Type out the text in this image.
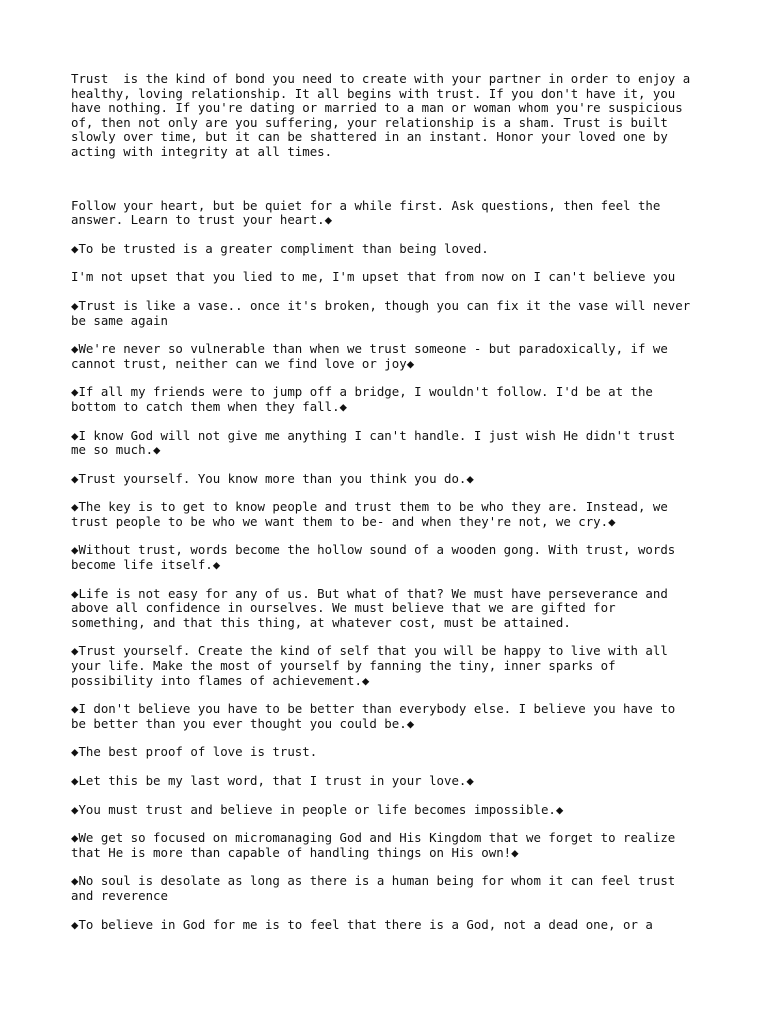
Trust  is the kind of bond you need to create with your partner in order to enjoy a
healthy, loving relationship. It all begins with trust. If you don't have it, you
have nothing. If you're dating or married to a man or woman whom you're suspicious
of, then not only are you suffering, your relationship is a sham. Trust is built
slowly over time, but it can be shattered in an instant. Honor your loved one by
acting with integrity at all times.

Follow your heart, but be quiet for a while first. Ask questions, then feel the
answer. Learn to trust your heart.◆

◆To be trusted is a greater compliment than being loved.

I'm not upset that you lied to me, I'm upset that from now on I can't believe you

◆Trust is like a vase.. once it's broken, though you can fix it the vase will never
be same again

◆We're never so vulnerable than when we trust someone - but paradoxically, if we
cannot trust, neither can we find love or joy◆

◆If all my friends were to jump off a bridge, I wouldn't follow. I'd be at the
bottom to catch them when they fall.◆

◆I know God will not give me anything I can't handle. I just wish He didn't trust
me so much.◆

◆Trust yourself. You know more than you think you do.◆

◆The key is to get to know people and trust them to be who they are. Instead, we
trust people to be who we want them to be- and when they're not, we cry.◆

◆Without trust, words become the hollow sound of a wooden gong. With trust, words
become life itself.◆

◆Life is not easy for any of us. But what of that? We must have perseverance and
above all confidence in ourselves. We must believe that we are gifted for
something, and that this thing, at whatever cost, must be attained.

◆Trust yourself. Create the kind of self that you will be happy to live with all
your life. Make the most of yourself by fanning the tiny, inner sparks of
possibility into flames of achievement.◆

◆I don't believe you have to be better than everybody else. I believe you have to
be better than you ever thought you could be.◆

◆The best proof of love is trust.

◆Let this be my last word, that I trust in your love.◆

◆You must trust and believe in people or life becomes impossible.◆

◆We get so focused on micromanaging God and His Kingdom that we forget to realize
that He is more than capable of handling things on His own!◆

◆No soul is desolate as long as there is a human being for whom it can feel trust
and reverence

◆To believe in God for me is to feel that there is a God, not a dead one, or a
